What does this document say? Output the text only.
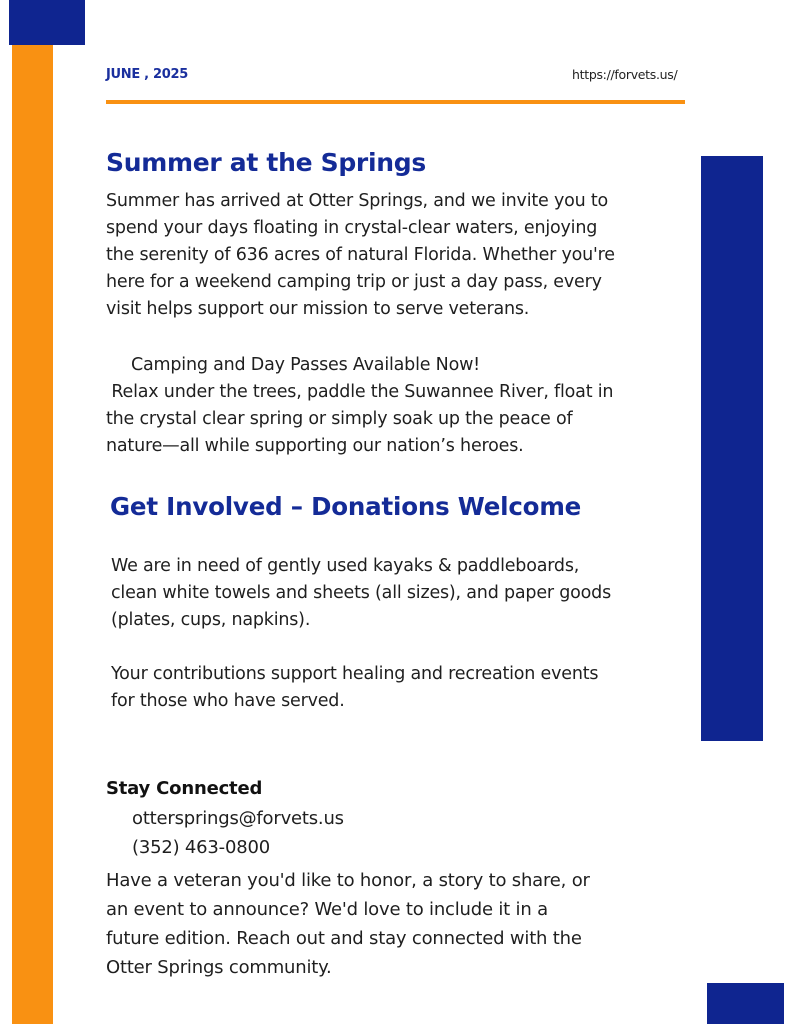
JUNE , 2025	https://forvets.us/
Summer at the Springs

Summer has arrived at Otter Springs, and we invite you to
spend your days floating in crystal-clear waters, enjoying
the serenity of 636 acres of natural Florida. Whether you're
here for a weekend camping trip or just a day pass, every
visit helps support our mission to serve veterans.

Camping and Day Passes Available Now!

Relax under the trees, paddle the Suwannee River, float in
the crystal clear spring or simply soak up the peace of
nature—all while supporting our nation’s heroes.

Get Involved – Donations Welcome

We are in need of gently used kayaks & paddleboards,
clean white towels and sheets (all sizes), and paper goods
(plates, cups, napkins).

Your contributions support healing and recreation events
for those who have served.

Stay Connected
ottersprings@forvets.us
(352) 463-0800

Have a veteran you'd like to honor, a story to share, or
an event to announce? We'd love to include it in a
future edition. Reach out and stay connected with the
Otter Springs community.
